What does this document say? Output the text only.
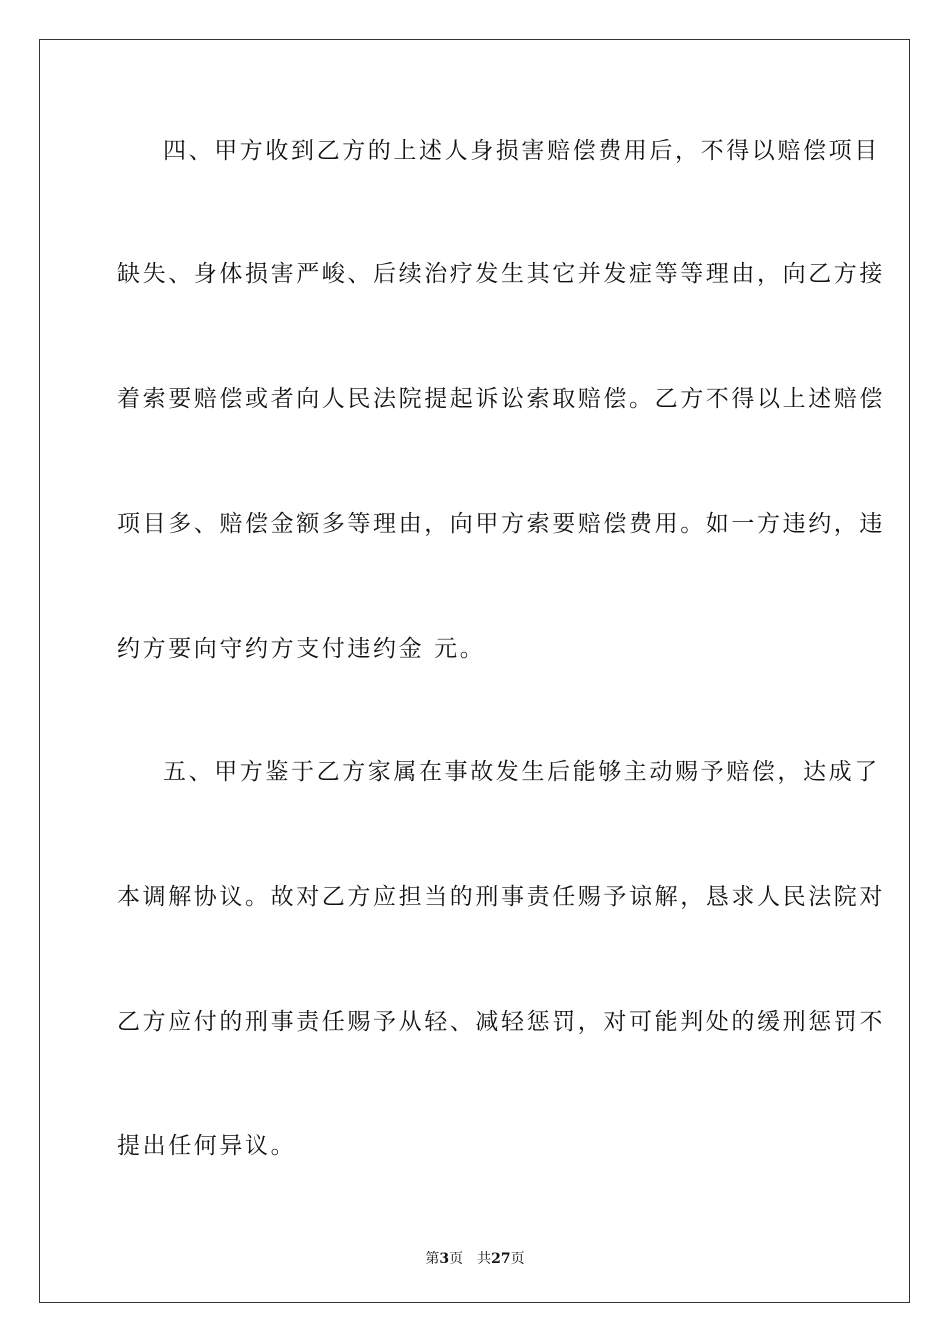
四、甲方收到乙方的上述人身损害赔偿费用后，不得以赔偿项目
缺失、身体损害严峻、后续治疗发生其它并发症等等理由，向乙方接
着索要赔偿或者向人民法院提起诉讼索取赔偿。乙方不得以上述赔偿
项目多、赔偿金额多等理由，向甲方索要赔偿费用。如一方违约，违
约方要向守约方支付违约金 元。
五、甲方鉴于乙方家属在事故发生后能够主动赐予赔偿，达成了
本调解协议。故对乙方应担当的刑事责任赐予谅解，恳求人民法院对
乙方应付的刑事责任赐予从轻、减轻惩罚，对可能判处的缓刑惩罚不
提出任何异议。
第3页 共27页
